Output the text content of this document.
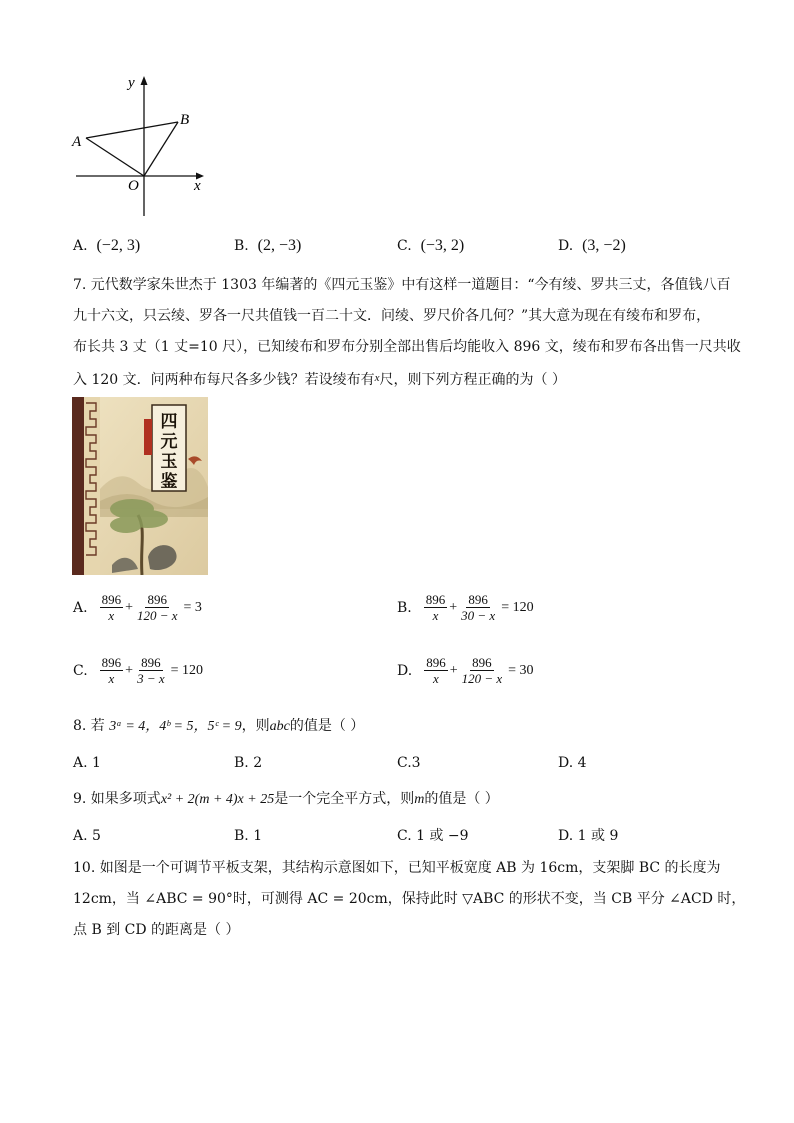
y
x
A
B
O
A.
(−2, 3)	B.
(2, −3)	C.
(−3, 2)	D.
(3, −2)
7. 元代数学家朱世杰于 1303 年编著的《四元玉鉴》中有这样一道题目：“今有绫、罗共三丈，各值钱八百
九十六文，只云绫、罗各一尺共值钱一百二十文．问绫、罗尺价各几何？”其大意为现在有绫布和罗布，
布长共 3 丈（1 丈=10 尺），已知绫布和罗布分别全部出售后均能收入 896 文，绫布和罗布各出售一尺共收
入 120 文．问两种布每尺各多少钱？若设绫布有$^x$尺，则下列方程正确的为（ ）
四
元
玉
鉴
A. $\frac{896}{x} + \frac{896}{120 - x} = 3$	B. $\frac{896}{x} + \frac{896}{30 - x} = 120$
C. $\frac{896}{x} + \frac{896}{3 - x} = 120$	D. $\frac{896}{x} + \frac{896}{120 - x} = 30$
8. 若 3ᵃ = 4，4ᵇ = 5，5ᶜ = 9，则abc的值是（ ）
A. 1	B. 2	C.3	D. 4
9. 如果多项式x² + 2(m + 4)x + 25是一个完全平方式，则m的值是（ ）
A. 5	B. 1	C. 1 或 −9	D. 1 或 9
10. 如图是一个可调节平板支架，其结构示意图如下，已知平板宽度 AB 为 16cm，支架脚 BC 的长度为
12cm，当 ∠ABC = 90°时，可测得 AC = 20cm，保持此时 ▽ABC 的形状不变，当 CB 平分 ∠ACD 时，
点 B 到 CD 的距离是（ ）
